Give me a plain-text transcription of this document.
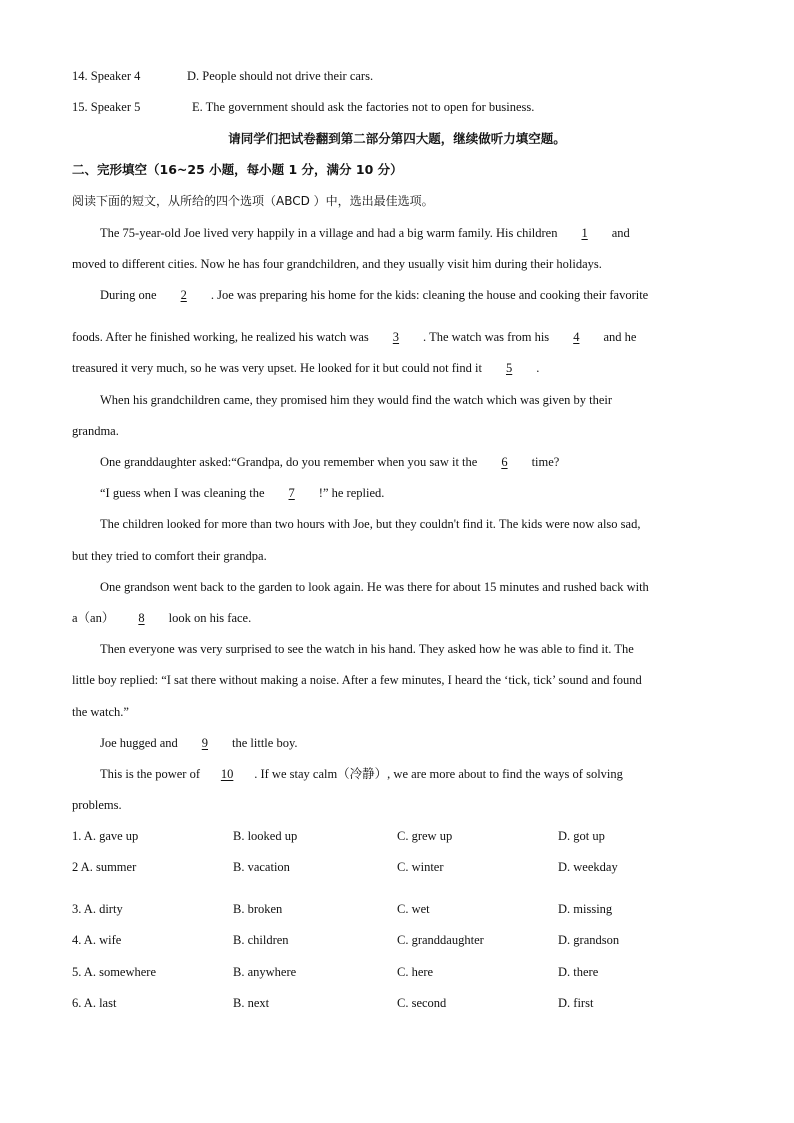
14. Speaker 4	D. People should not drive their cars.
15. Speaker 5	E. The government should ask the factories not to open for business.
请同学们把试卷翻到第二部分第四大题，继续做听力填空题。
二、完形填空（16~25 小题，每小题 1 分，满分 10 分）
阅读下面的短文，从所给的四个选项（ABCD ）中，选出最佳选项。
The 75-year-old Joe lived very happily in a village and had a big warm family. His children 1 and
moved to different cities. Now he has four grandchildren, and they usually visit him during their holidays.
During one 2 . Joe was preparing his home for the kids: cleaning the house and cooking their favorite
foods. After he finished working, he realized his watch was 3 . The watch was from his 4 and he
treasured it very much, so he was very upset. He looked for it but could not find it 5 .
When his grandchildren came, they promised him they would find the watch which was given by their
grandma.
One granddaughter asked:“Grandpa, do you remember when you saw it the 6 time?
“I guess when I was cleaning the 7 !” he replied.
The children looked for more than two hours with Joe, but they couldn't find it. The kids were now also sad,
but they tried to comfort their grandpa.
One grandson went back to the garden to look again. He was there for about 15 minutes and rushed back with
a（an） 8 look on his face.
Then everyone was very surprised to see the watch in his hand. They asked how he was able to find it. The
little boy replied: “I sat there without making a noise. After a few minutes, I heard the ‘tick, tick’ sound and found
the watch.”
Joe hugged and 9 the little boy.
This is the power of 10 . If we stay calm（冷静）, we are more about to find the ways of solving
problems.
1. A. gave up	B. looked up	C. grew up	D. got up
2 A. summer	B. vacation	C. winter	D. weekday
3. A. dirty	B. broken	C. wet	D. missing
4. A. wife	B. children	C. granddaughter	D. grandson
5. A. somewhere	B. anywhere	C. here	D. there
6. A. last	B. next	C. second	D. first
